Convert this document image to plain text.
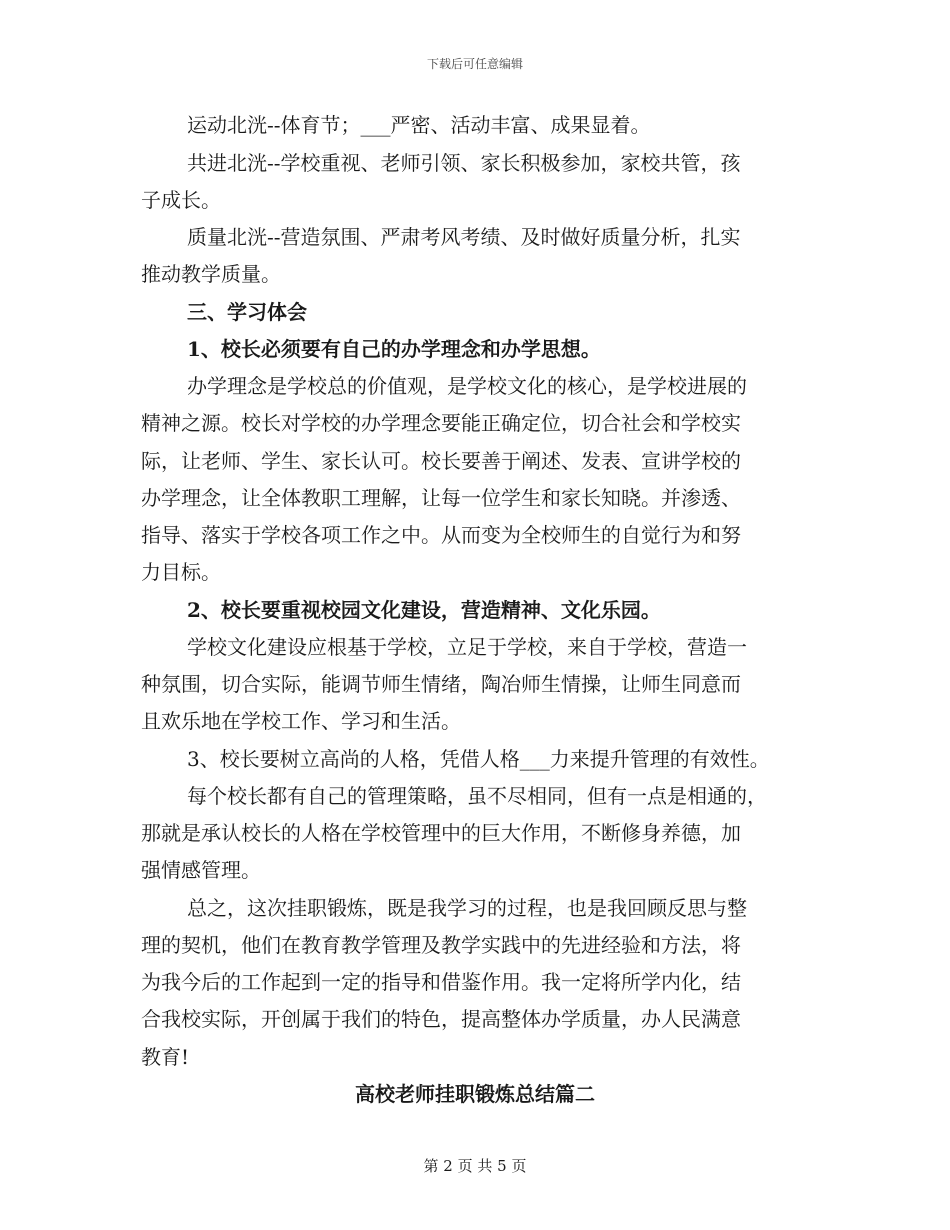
下载后可任意编辑
运动北洸--体育节；___严密、活动丰富、成果显着。
共进北洸--学校重视、老师引领、家长积极参加，家校共管，孩
子成长。
质量北洸--营造氛围、严肃考风考绩、及时做好质量分析，扎实
推动教学质量。
三、学习体会
1、校长必须要有自己的办学理念和办学思想。
办学理念是学校总的价值观，是学校文化的核心，是学校进展的
精神之源。校长对学校的办学理念要能正确定位，切合社会和学校实
际，让老师、学生、家长认可。校长要善于阐述、发表、宣讲学校的
办学理念，让全体教职工理解，让每一位学生和家长知晓。并渗透、
指导、落实于学校各项工作之中。从而变为全校师生的自觉行为和努
力目标。
2、校长要重视校园文化建设，营造精神、文化乐园。
学校文化建设应根基于学校，立足于学校，来自于学校，营造一
种氛围，切合实际，能调节师生情绪，陶冶师生情操，让师生同意而
且欢乐地在学校工作、学习和生活。
3、校长要树立高尚的人格，凭借人格___力来提升管理的有效性。
每个校长都有自己的管理策略，虽不尽相同，但有一点是相通的，
那就是承认校长的人格在学校管理中的巨大作用，不断修身养德，加
强情感管理。
总之，这次挂职锻炼，既是我学习的过程，也是我回顾反思与整
理的契机，他们在教育教学管理及教学实践中的先进经验和方法，将
为我今后的工作起到一定的指导和借鉴作用。我一定将所学内化，结
合我校实际，开创属于我们的特色，提高整体办学质量，办人民满意
教育!
高校老师挂职锻炼总结篇二
第 2 页 共 5 页
